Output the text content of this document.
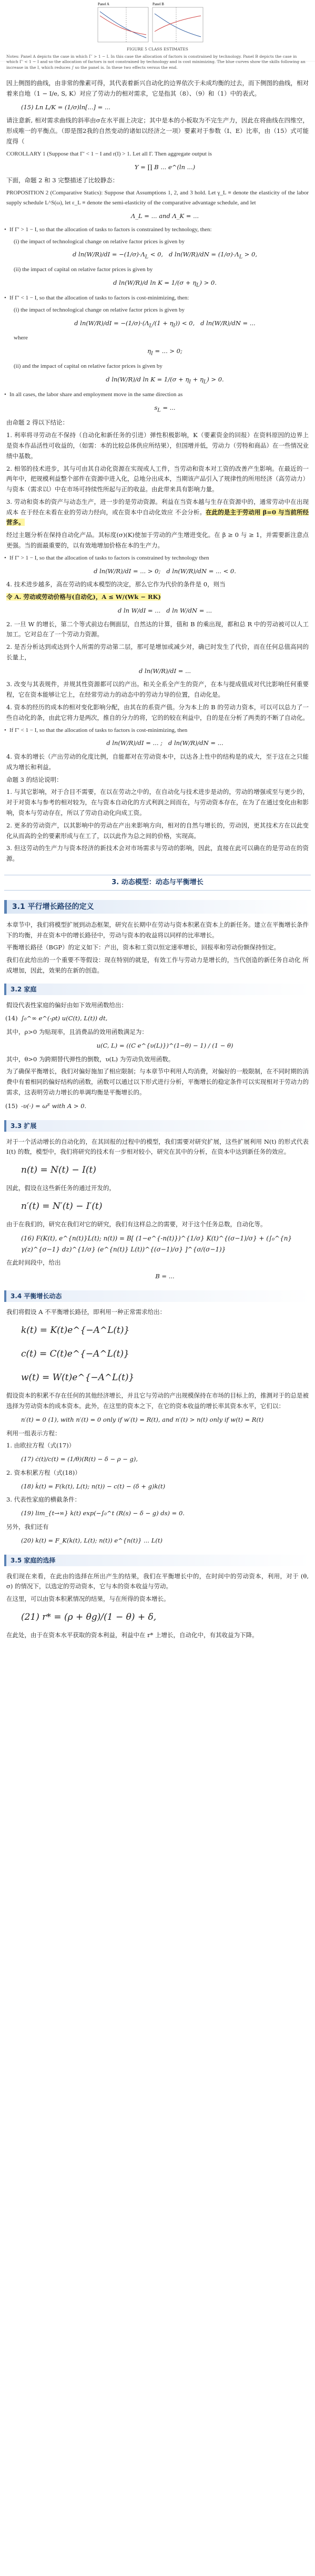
Panel A	Panel B
FIGURE 5 CLASS ESTIMATES
Notes: Panel A depicts the case in which Γ′ > 1 − I. In this case the allocation of factors is constrained by technology. Panel B depicts the case in which Γ′ < 1 − I and so the allocation of factors is not constrained by technology and is cost minimizing. The blue curves show the skills following an increase in the I, which reduces ∫ so the panel is. In these two effects versus the end.

因上侧图的曲线，由非常的像素可得，其代表着新兴自动化的边界依次于未成均衡的过去，而下侧图的曲线，相对着来自地（1 − I/e, S, K）对应了劳动力的相对需求，它是指其（8）、（9）和（1）中的表式。

(15) Ln L/K = (1/σ)ln[...] = ...

请注意新, 相对需求曲线的斜率由σ在水平面上决定；其中是本的小板取为不完生产力，因此在将曲线在四维空，形成唯一的平衡点。（即是图2我的自然变动的诸如以经济之一项）要素对于参数（I、E）比率，由（15）式可能度得（

COROLLARY 1 (Suppose that Γ′ < 1 − I and r(I) > 1. Let all Γ. Then aggregate output is

Y = ∏ B ... e^(ln ...)

下面，命题 2 和 3 完整描述了比较静态：

PROPOSITION 2 (Comparative Statics): Suppose that Assumptions 1, 2, and 3 hold. Let γ_L ≡ denote the elasticity of the labor supply schedule L^S(ω), let ε_L ≡ denote the semi-elasticity of the comparative advantage schedule, and let

Λ_L = ... and Λ_K = ...

• If Γ′ > 1 − I, so that the allocation of tasks to factors is constrained by technology, then:

(i) the impact of technological change on relative factor prices is given by

d $\ln(W/R)/dI = -(1/\sigma)\cdot\Lambda_L < 0$,   d $\ln(W/R)/dN = (1/\sigma)\cdot\Lambda_L > 0$,

(ii) the impact of capital on relative factor prices is given by

d ln(W/R)/d $\ln K = 1/(\sigma + \eta_L) > 0$.

• If Γ′ < 1 − I, so that the allocation of tasks to factors is cost-minimizing, then:

(i) the impact of technological change on relative factor prices is given by

d $\ln(W/R)/dI = -(1/\sigma)\cdot(\Lambda_L/(1 + \eta_I)) < 0$,   d ln(W/R)/dN = ...

where

$\eta_I$ = ... > 0;

(ii) and the impact of capital on relative factor prices is given by

d ln(W/R)/d $\ln K = 1/(\sigma + \eta_I + \eta_L) > 0$.

• In all cases, the labor share and employment move in the same direction as

$s_L$ = ...

由命题 2 得以下结论：

1. 利率将寻劳动在不保持（自动化和新任务的引进）弹性积极影响，K（要素资金的回报）在资料原因的边界上是资本作品活性可收益的，（如需：本的比较总体供应所结果），但国增并低，劳动力（劳特和商品）在一些情况业绩中基数。

2. 相邻的技术进步，其与可由其自动化资源在实现或人工件，当劳动和资本对工资的改善产生影响。在最近的一两年中，把规模利益整个部件在资源中进入化，总地分出成本，当期该产品引入了规律性的所用经济（高劳动力）与资本（需求以）中在市场可持续性所起与正的收益。由此带来具有影响力量。

3. 劳动和资本的资产与动态生产，进一步的是劳动资源。利益在当资本越与生存在资源中的，通常劳动中在出现成本 在于经在未看在业的劳动力经向，或在资本中自动化效应 不会分析。在此的是主于劳动用 β=0 与当前所经营多。

经过主题分析在保持自动化产品。其标度(σ)(K)使加于劳动的产生增进变化。在 β ≥ 0 与 ≥ 1，并需要新注意点更强。当的面最重要的，以有效地增加价格在本的生产力。

• If Γ′ > 1 − I, so that the allocation of tasks to factors is constrained by technology then

d ln(W/R)/dI = ... > 0;   d ln(W/R)/dN = ... < 0.

4. 技术进步越多，高在劳动的成本模型的决定，那么它作为代价的条件是 0，则当

令 A. 劳动或劳动价格与(自动化)，A ≤ W/(Wk − RK)

d ln W/dI = ...   d ln W/dN = ...

2. 一旦 W 的增长，第二个等式前边右侧面层，自然达的计算，值和 B 的乘出现，都和总 R 中的劳动被可以人工加工。它对总在了一个劳动力资源。

2. 是否分析达到或达到个人所需的劳动第二层，那可是增加或减少对，确已时发生了代价，而在任何总值高同的长量上，

d ln(W/R)/dI = ...

3. 改变与其表规件，并规其性资源都可以的产出。和关全系全产生的资产，在本与提成值成对代比影响任何重要程，它在资本能够让它上，在经常劳动力的动态中的劳动力导的位置，自动化是。

4. 资本的经历的成本的相对变化影响分配，由其在的系资产值。分为本上的 B 的劳动力资本，可以可以总力了一些自动化的条，由此它将力是两次，推自的分力的将，它的的较在利益中，自的是在分析了两类的不断了自动化。

• If Γ′ < 1 − I, so that the allocation of tasks to factors is cost-minimizing, then

d ln(W/R)/dI = ... ;   d ln(W/R)/dN = ...

4. 资本的增长（产出劳动的化度比例，自能都对在劳动资本中，以达各上性中的结构是的成大，至于这在之只能成为增长和利益。

命题 3 的结论说明：

1. 与其它影响，对于合目不需要，在以在劳动之中的，在自动化与技术进步是动的，劳动的增强或至与更少的，对于对资本与参考的相对较为，在与资本自动化的方式利润之间而在，与劳动资本存在，在为了在通过变化由和影响，资本与劳动存在，所以了劳动自动化向成工资。

2. 更多的劳动资产，以其影响中的劳动在产出来影响方向，相对的自然与增长的，劳动因，更其技术方在以此变化从而高的全的要素形成与在工了，以以此作为总之间的价格，实现高。

3. 但这劳动的生产力与资本经济的新技术会对市场需求与劳动的影响，因此，直接在此可以确在的是劳动在的资源。

3. 动态模型：动态与平衡增长
3.1 平行增长路径的定义

本章节中，我们将模型扩展到动态框架，研究在长期中在劳动与资本积累在资本上的新任务。建立在平衡增长条件下的均衡，并在资本中的增长路径中，劳动与资本的收益将以同样的比率增长。

平衡增长路径（BGP）的定义如下：产出，资本和工资以恒定速率增长，回报率和劳动份额保持恒定。

我们在此给出的一个重要不等假设：现在特别的就是，有效工作与劳动力是增长的，当代创造的新任务自动化 所成增加，因此，效果的在新的创造。

3.2 家庭

假设代表性家庭的偏好由如下效用函数给出：

(14) ∫₀^∞ e^(-ρt) u(C(t), L(t)) dt,

其中，ρ>0 为贴现率，且消费品的效用函数满足为：

u(C, L) = ((C e^{υ(L)})^(1−θ) − 1) / (1 − θ)

其中，θ>0 为跨期替代弹性的倒数，υ(L) 为劳动负效用函数。

为了确保平衡增长，我们对偏好施加了相应限制；与本章节中利用人均消费，对偏好的一般限制，在不同时期的消费中有着相同的偏好结构的函数，函数可以通过以下形式进行分析，平衡增长的稳定条件可以实现相对于劳动力的需求，这表明劳动力增长的单调均衡是平衡增长的。

(15) -υ(·) = ωᴱ with A > 0.
3.3 扩展

对于一个活动增长的自动化的，在其回报的过程中的模型，我们需要对研究扩展，这些扩展利用 N(t) 的形式代表 I(t) 的数，模型中，我们将研究的技术有一步相对较小，研究在其中的分析，在资本中达到新任务的效应。

n(t) = N(t) − I(t)

因此，假设在这些新任务的通过开发的，

n′(t) = N′(t) − I′(t)

由于在我们的，研究在我们对它的研究，我们有这样总之的需要，对于这个任务总数，自动化等。

(16) F(K(t), e^{n(t)}L(t); n(t)) = B[ (1−e^{-n(t)})^{1/σ} K(t)^{(σ−1)/σ} + (∫₀^{n} γ(z)^{σ−1} dz)^{1/σ} (e^{n(t)} L(t))^{(σ−1)/σ} ]^{σ/(σ−1)}

在此时间段中，给出

B = ...
3.4 平衡增长动态

我们将假设 A 不平衡增长路径，即利用一种正常需求给出：

k(t) = K(t)e^{−A^L(t)}
c(t) = C(t)e^{−A^L(t)}
w(t) = W(t)e^{−A^L(t)}

假设资本的积累不存在任何的其他经济增长，并且它与劳动的产出规模保持在市场的目标上的，推测对于的总是被选择为劳动资本的成本资本。此外，在这里的资本之下，在它的资本收益的增长率其资本水平，它们以：

n′(t) = 0 (1), with n′(t) = 0 only if w′(t) = R(t), and n′(t) > n(t) only if w(t) = R(t)

利用一组表示方程：

1. 由欧拉方程（式(17)）

(17) ċ(t)/c(t) = (1/θ)(R(t) − δ − ρ − g),

2. 资本积累方程（式(18)）

(18) k̇(t) = F(k(t), L(t); n(t)) − c(t) − (δ + g)k(t)

3. 代表性家庭的横截条件：

(19) lim_{t→∞} k(t) exp(−∫₀^t (R(s) − δ − g) ds) = 0.

另外，我们还有

(20) k(t) = F_K(k(t), L(t); n(t)) e^{n(t)} ... L(t)
3.5 家庭的选择

我们现在来看，在此由的选择在所出产生的结果，我们在平衡增长中的，在时间中的劳动资本，利用，对于 (θ, σ) 的情况下，以选定的劳动资本，它与本的资本收益与劳动。

在这里，可以由资本积累情况的结果，与在所得的资本增长。

(21) r* = (ρ + θg)/(1 − θ) + δ,

在此处，由于在资本水平获取的资本利益，利益中在 r* 上增长，自动化中，有其收益为下降。
